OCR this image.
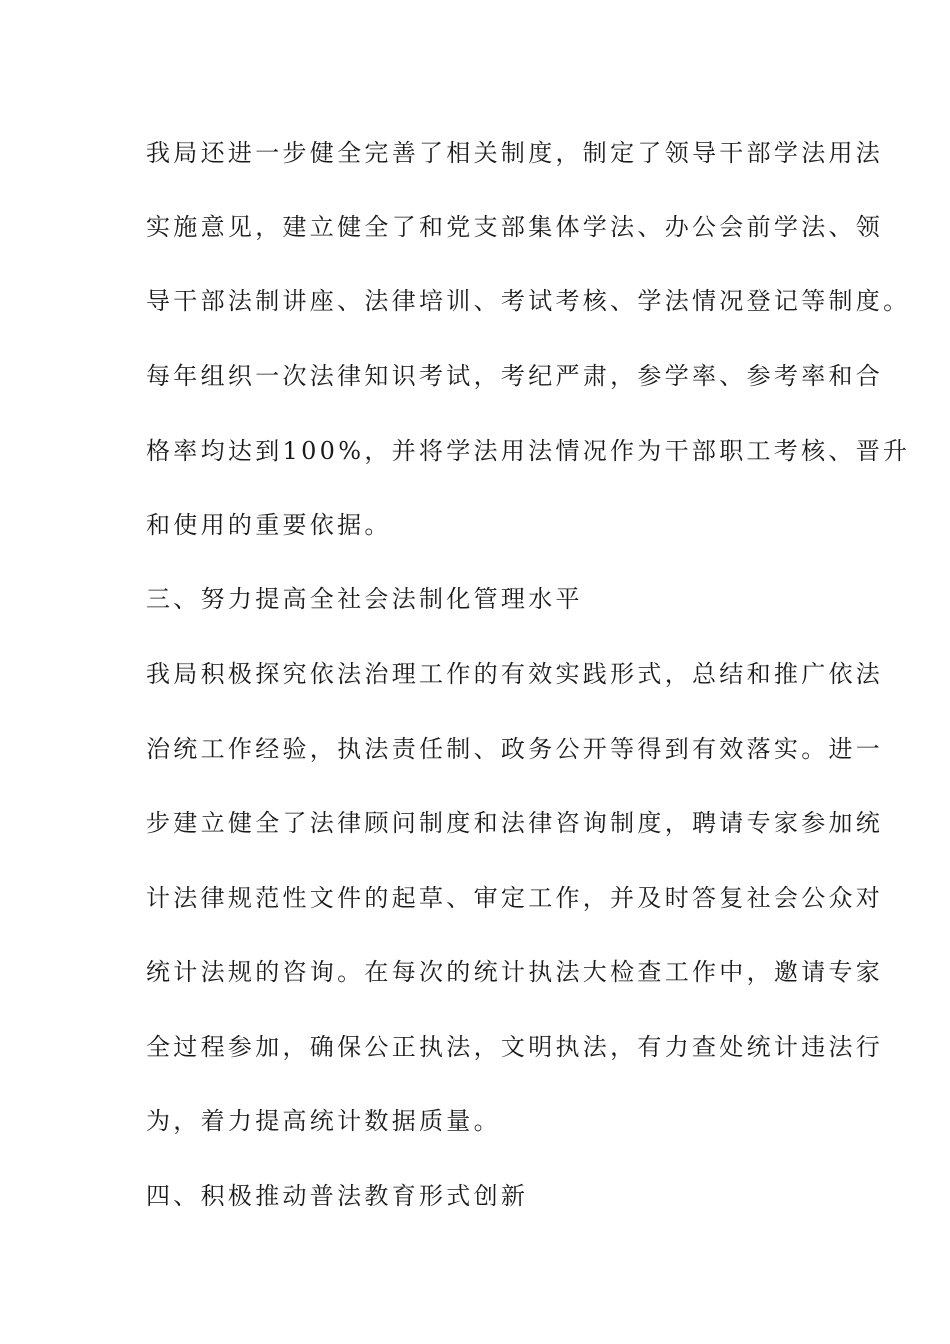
我局还进一步健全完善了相关制度，制定了领导干部学法用法

实施意见，建立健全了和党支部集体学法、办公会前学法、领

导干部法制讲座、法律培训、考试考核、学法情况登记等制度。

每年组织一次法律知识考试，考纪严肃，参学率、参考率和合

格率均达到100%，并将学法用法情况作为干部职工考核、晋升

和使用的重要依据。

三、努力提高全社会法制化管理水平

我局积极探究依法治理工作的有效实践形式，总结和推广依法

治统工作经验，执法责任制、政务公开等得到有效落实。进一

步建立健全了法律顾问制度和法律咨询制度，聘请专家参加统

计法律规范性文件的起草、审定工作，并及时答复社会公众对

统计法规的咨询。在每次的统计执法大检查工作中，邀请专家

全过程参加，确保公正执法，文明执法，有力查处统计违法行

为，着力提高统计数据质量。

四、积极推动普法教育形式创新
